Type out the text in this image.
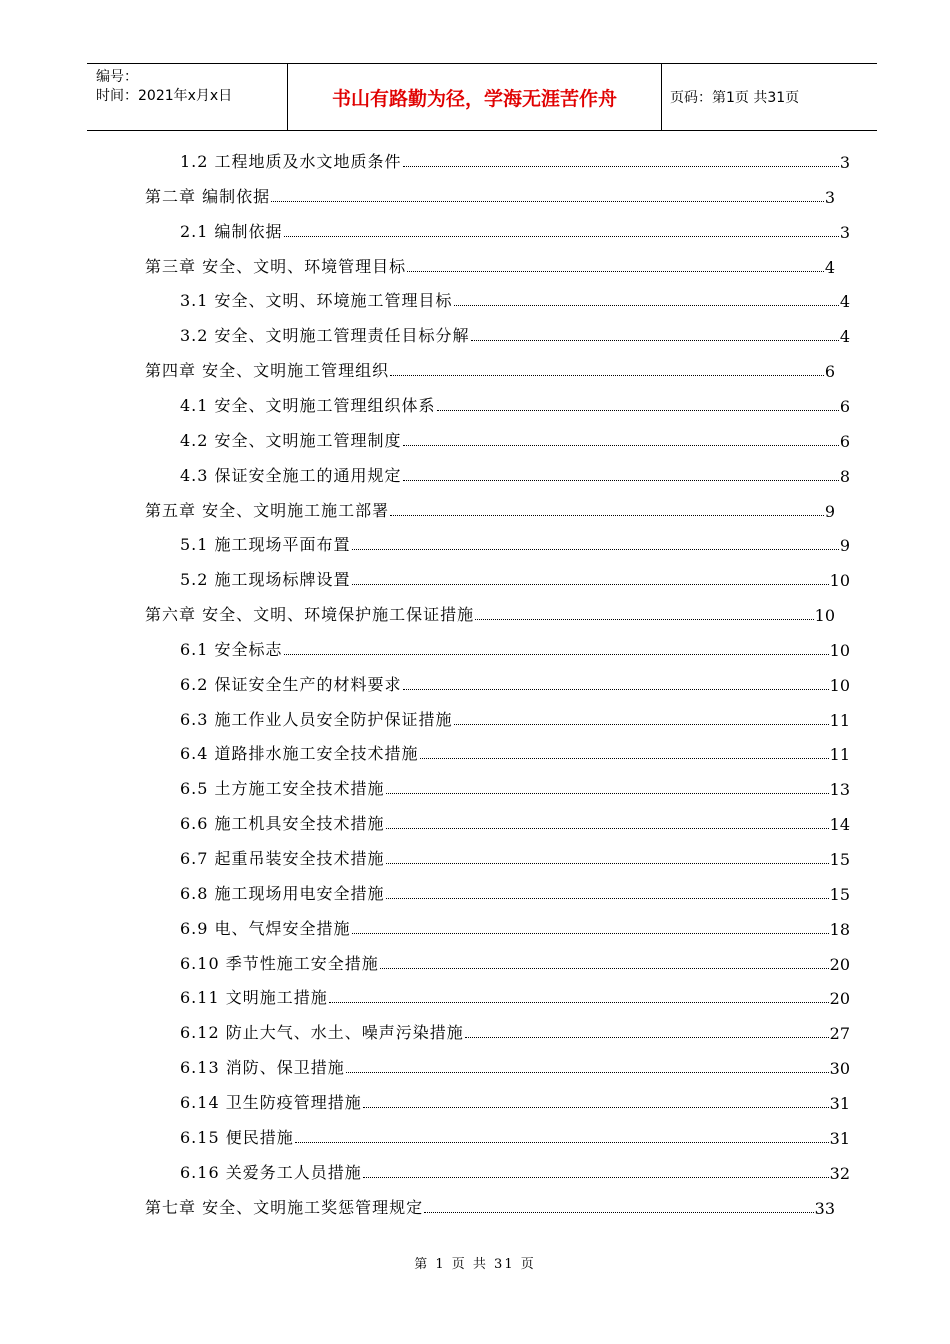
编号：
时间：2021年x月x日	书山有路勤为径，学海无涯苦作舟	页码：第1页 共31页
1.2 工程地质及水文地质条件	3
第二章 编制依据	3
2.1 编制依据	3
第三章 安全、文明、环境管理目标	4
3.1 安全、文明、环境施工管理目标	4
3.2 安全、文明施工管理责任目标分解	4
第四章 安全、文明施工管理组织	6
4.1 安全、文明施工管理组织体系	6
4.2 安全、文明施工管理制度	6
4.3 保证安全施工的通用规定	8
第五章 安全、文明施工施工部署	9
5.1 施工现场平面布置	9
5.2 施工现场标牌设置	10
第六章 安全、文明、环境保护施工保证措施	10
6.1 安全标志	10
6.2 保证安全生产的材料要求	10
6.3 施工作业人员安全防护保证措施	11
6.4 道路排水施工安全技术措施	11
6.5 土方施工安全技术措施	13
6.6 施工机具安全技术措施	14
6.7 起重吊装安全技术措施	15
6.8 施工现场用电安全措施	15
6.9 电、气焊安全措施	18
6.10 季节性施工安全措施	20
6.11 文明施工措施	20
6.12 防止大气、水土、噪声污染措施	27
6.13 消防、保卫措施	30
6.14 卫生防疫管理措施	31
6.15 便民措施	31
6.16 关爱务工人员措施	32
第七章 安全、文明施工奖惩管理规定	33
第 1 页 共 31 页
